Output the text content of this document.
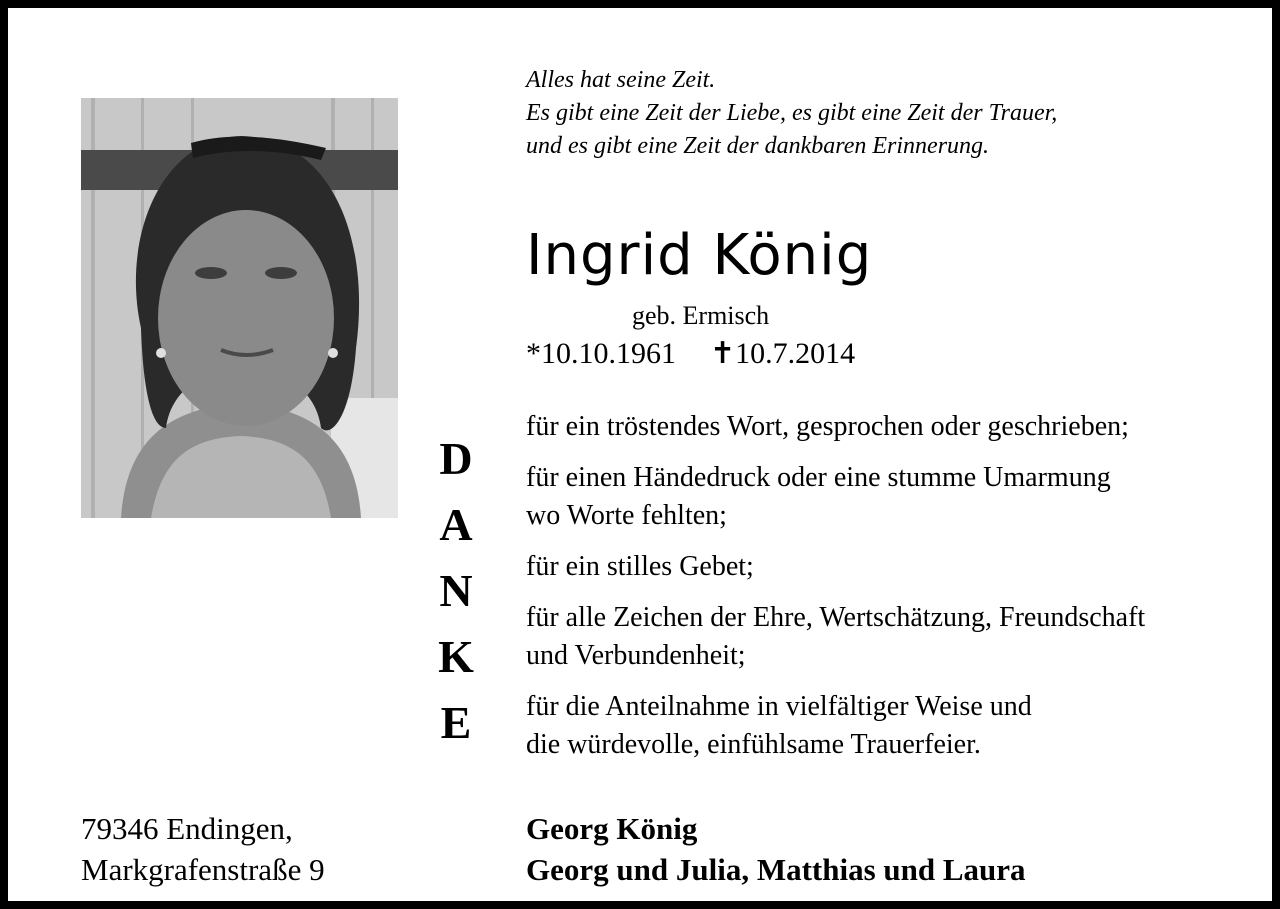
Alles hat seine Zeit.
Es gibt eine Zeit der Liebe, es gibt eine Zeit der Trauer,
und es gibt eine Zeit der dankbaren Erinnerung.
Ingrid König
geb. Ermisch
*10.10.1961 ✝10.7.2014
D
A
N
K
E
für ein tröstendes Wort, gesprochen oder geschrieben;
für einen Händedruck oder eine stumme Umarmung
wo Worte fehlten;
für ein stilles Gebet;
für alle Zeichen der Ehre, Wertschätzung, Freundschaft
und Verbundenheit;
für die Anteilnahme in vielfältiger Weise und
die würdevolle, einfühlsame Trauerfeier.
79346 Endingen,
Markgrafenstraße 9
Georg König
Georg und Julia, Matthias und Laura
